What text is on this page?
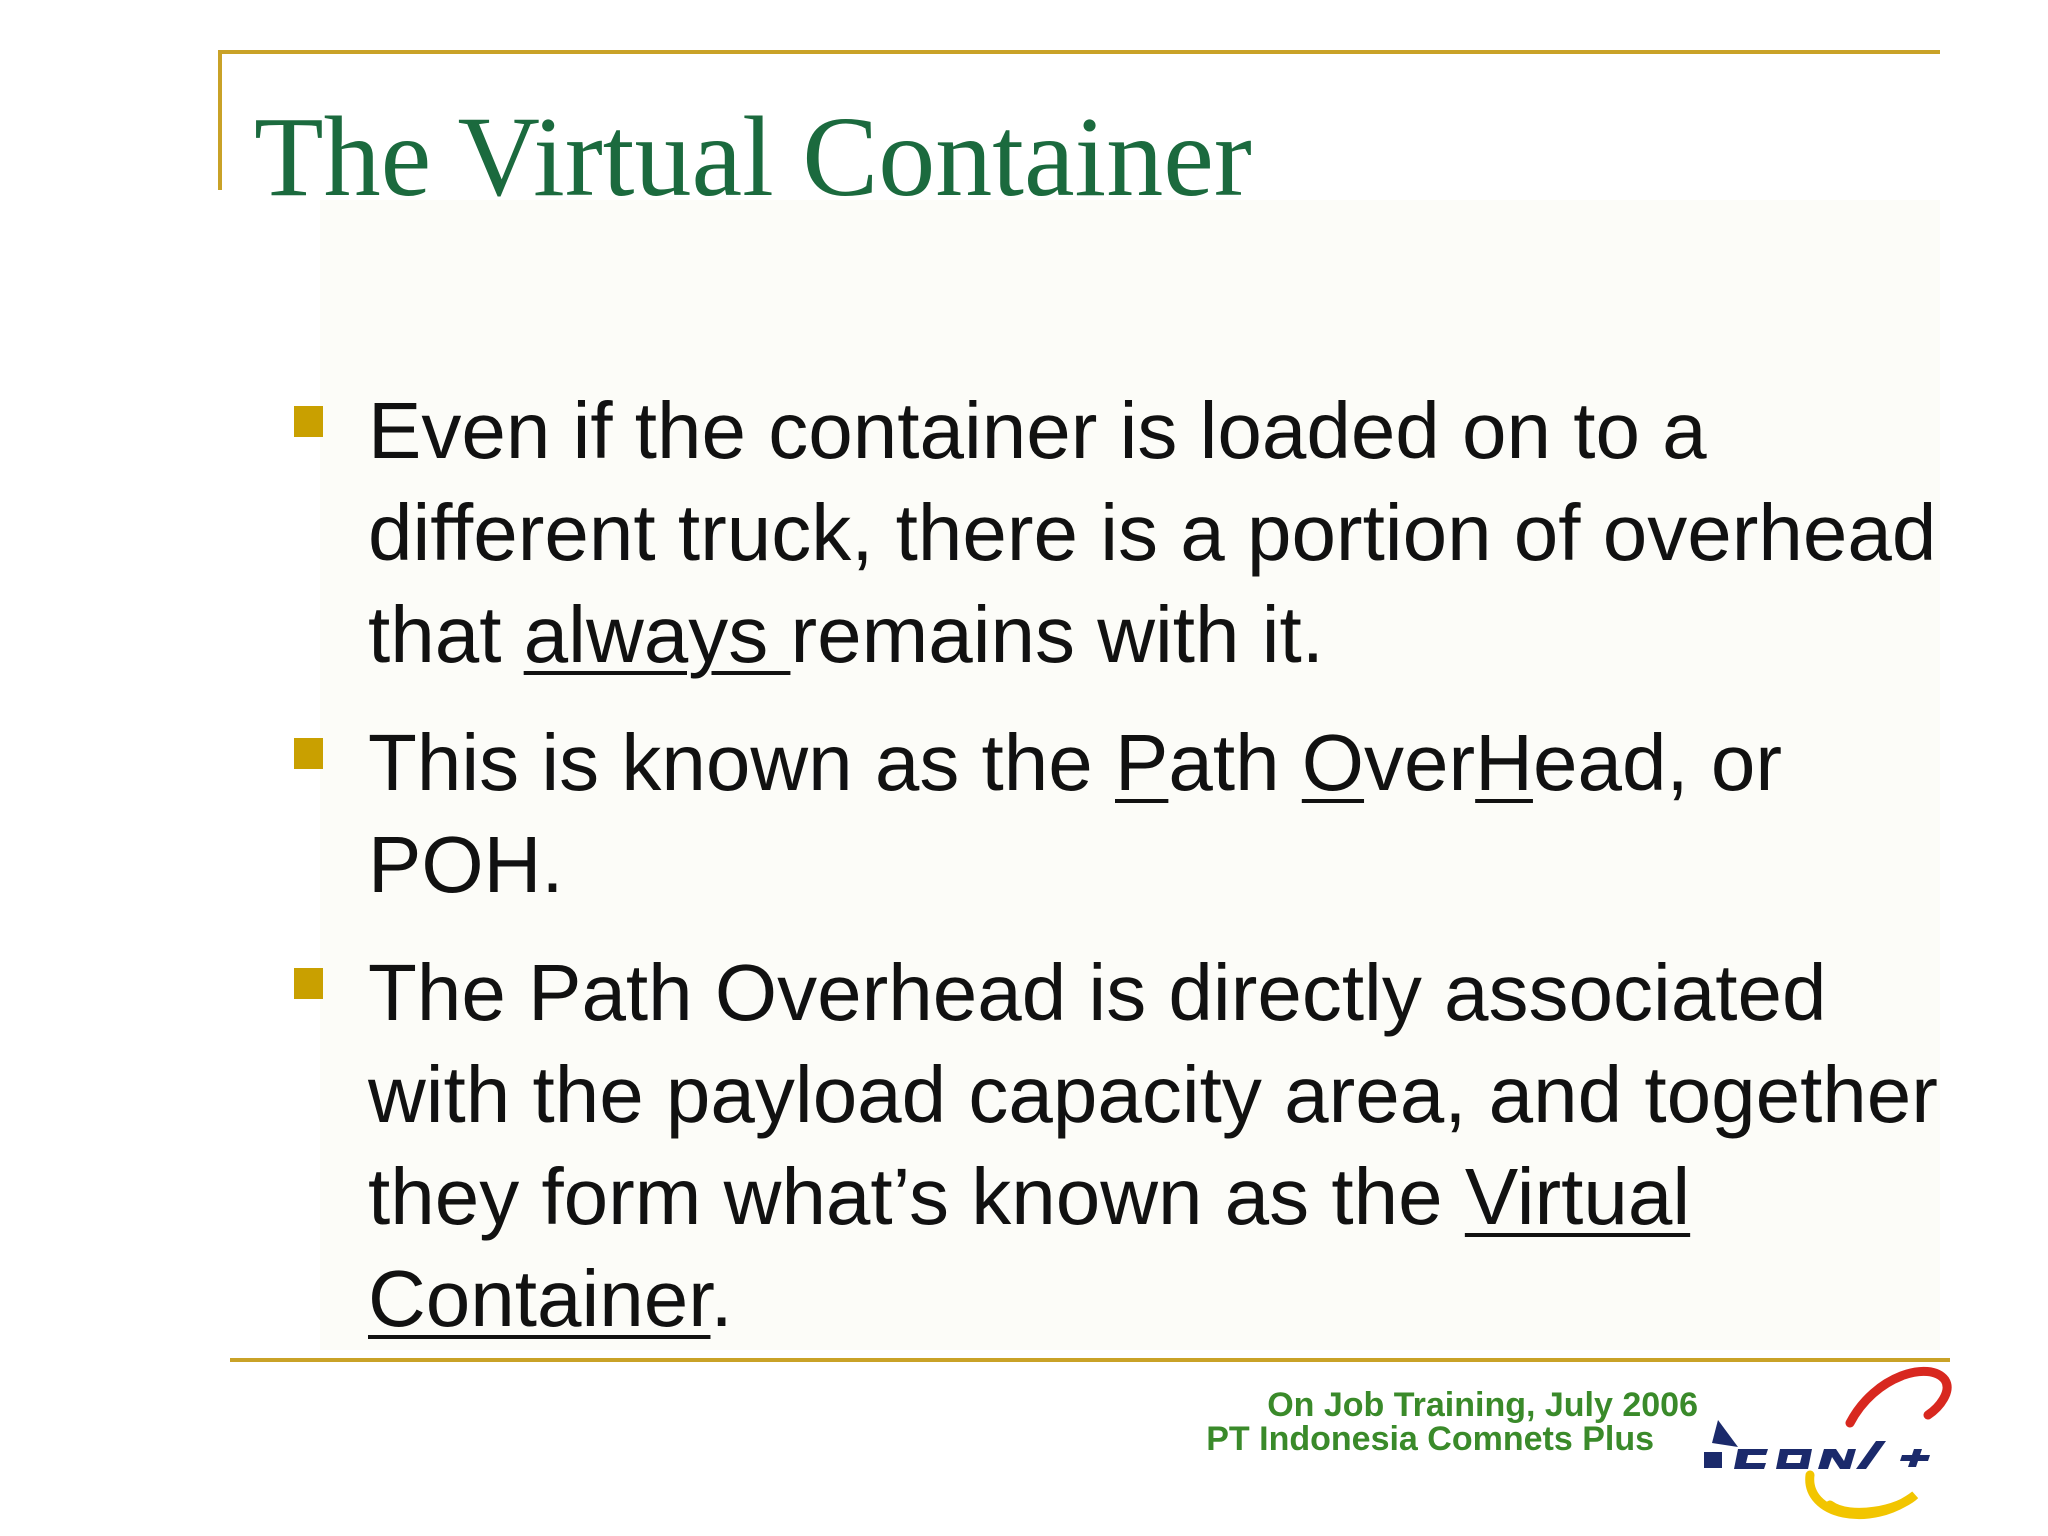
The Virtual Container
Even if the container is loaded on to a different truck, there is a portion of overhead that always remains with it.
This is known as the Path OverHead, or POH.
The Path Overhead is directly associated with the payload capacity area, and together they form what’s known as the Virtual Container.
On Job Training, July 2006
PT Indonesia Comnets Plus
